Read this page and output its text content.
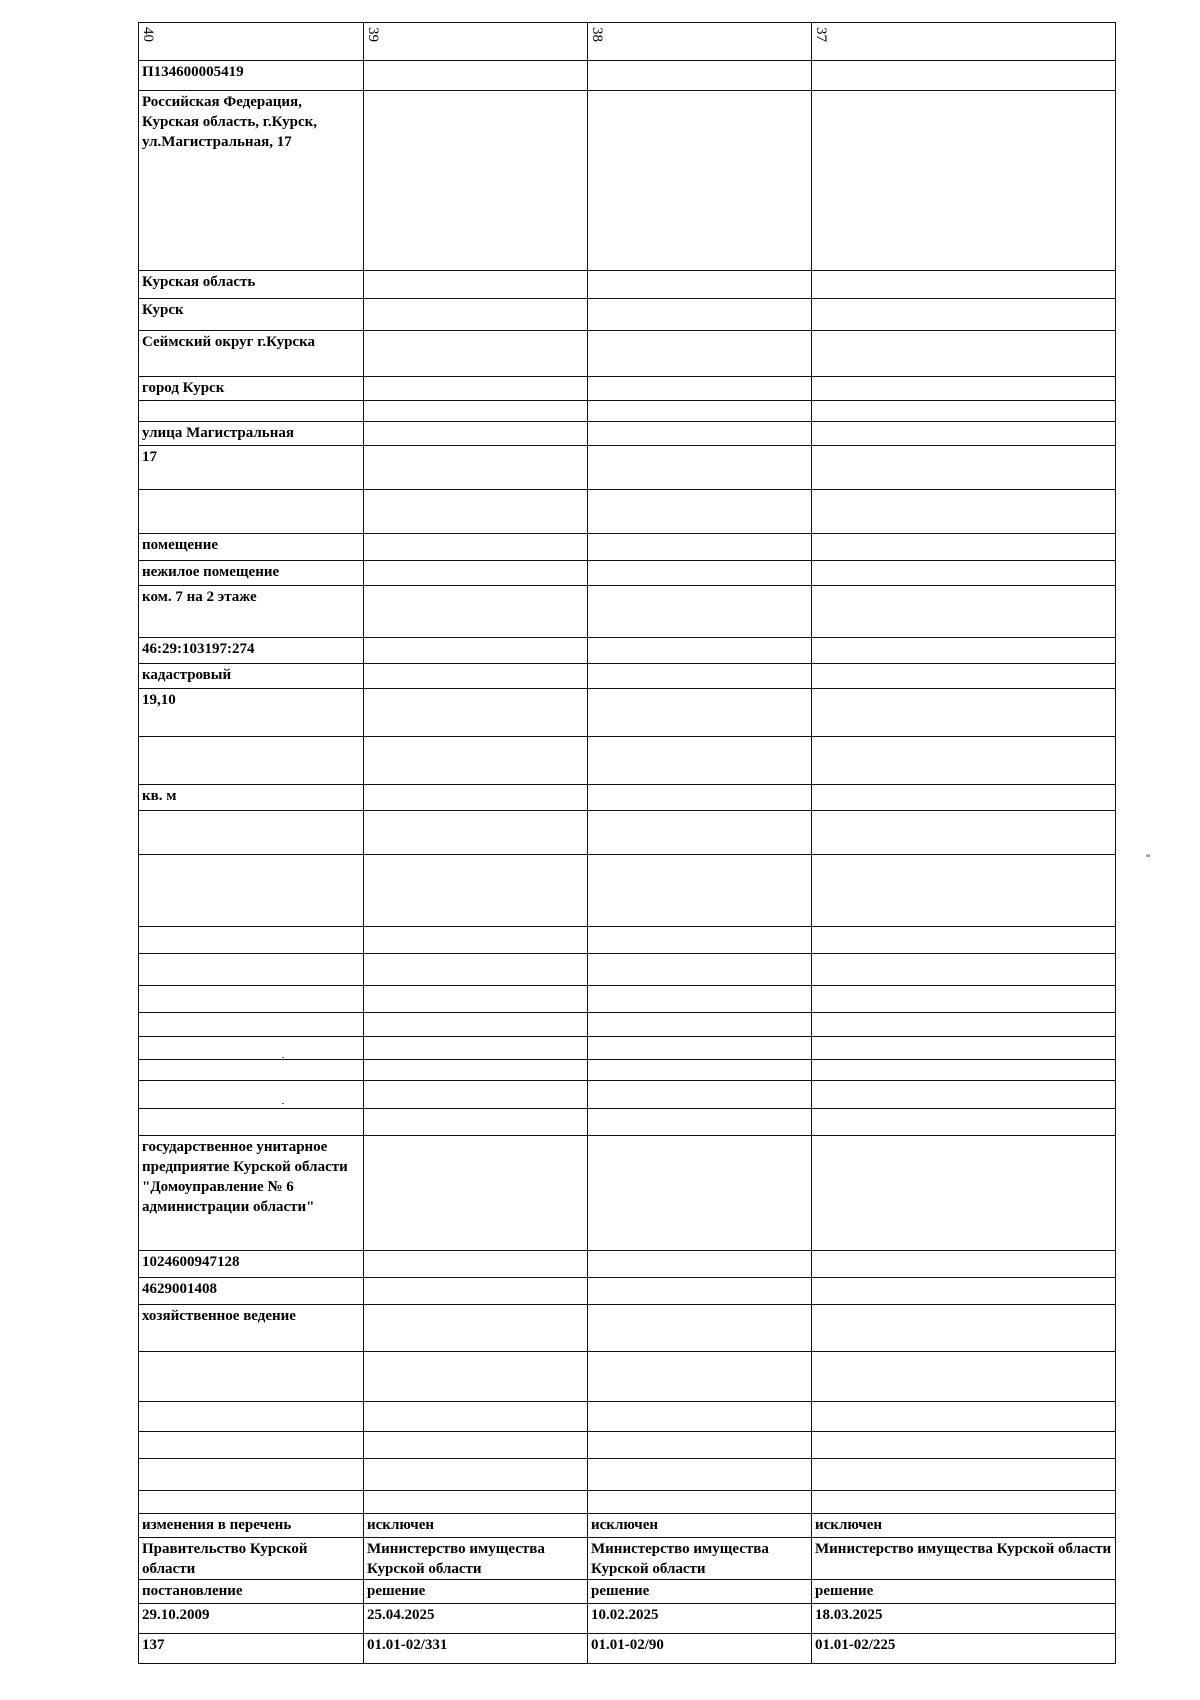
40	39	38	37
П134600005419			
Российская Федерация, Курская область, г.Курск, ул.Магистральная, 17			
Курская область			
Курск			
Сеймский округ г.Курска			
город Курск			

улица Магистральная			
17			

помещение			
нежилое помещение			
ком. 7 на 2 этаже			
46:29:103197:274			
кадастровый			
19,10			

кв. м			

государственное унитарное предприятие Курской области "Домоуправление № 6 администрации области"			
1024600947128			
4629001408			
хозяйственное ведение			

изменения в перечень	исключен	исключен	исключен
Правительство Курской области	Министерство имущества Курской области	Министерство имущества Курской области	Министерство имущества Курской области
постановление	решение	решение	решение
29.10.2009	25.04.2025	10.02.2025	18.03.2025
137	01.01-02/331	01.01-02/90	01.01-02/225
"
